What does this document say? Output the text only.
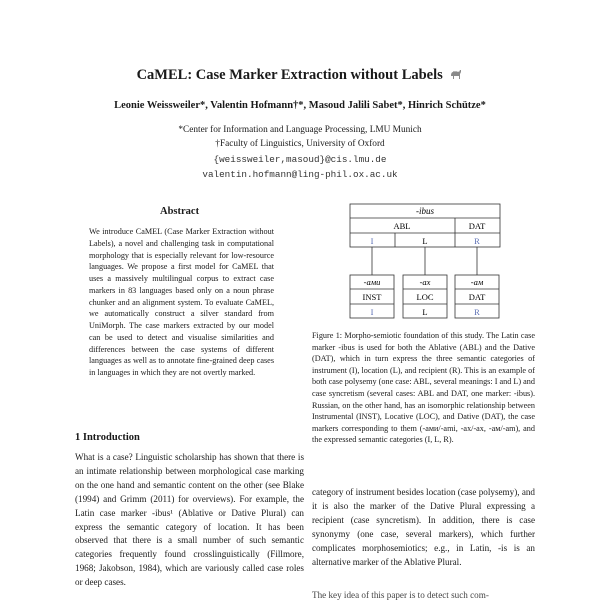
CaMEL: Case Marker Extraction without Labels
Leonie Weissweiler*, Valentin Hofmann†*, Masoud Jalili Sabet*, Hinrich Schütze*
*Center for Information and Language Processing, LMU Munich
†Faculty of Linguistics, University of Oxford
{weissweiler,masoud}@cis.lmu.de
valentin.hofmann@ling-phil.ox.ac.uk
Abstract
We introduce CaMEL (Case Marker Extraction without Labels), a novel and challenging task in computational morphology that is especially relevant for low-resource languages. We propose a first model for CaMEL that uses a massively multilingual corpus to extract case markers in 83 languages based only on a noun phrase chunker and an alignment system. To evaluate CaMEL, we automatically construct a silver standard from UniMorph. The case markers extracted by our model can be used to detect and visualise similarities and differences between the case systems of different languages as well as to annotate fine-grained deep cases in languages in which they are not overtly marked.
1 Introduction
What is a case? Linguistic scholarship has shown that there is an intimate relationship between morphological case marking on the one hand and semantic content on the other (see Blake (1994) and Grimm (2011) for overviews). For example, the Latin case marker -ibus¹ (Ablative or Dative Plural) can express the semantic category of location. It has been observed that there is a small number of such semantic categories frequently found crosslinguistically (Fillmore, 1968; Jakobson, 1984), which are variously called case roles or deep cases.
-ibus
ABL	DAT
I	L	R
-ами
INST
I
-ах
LOC
L
-ам
DAT
R
Figure 1: Morpho-semiotic foundation of this study. The Latin case marker -ibus is used for both the Ablative (ABL) and the Dative (DAT), which in turn express the three semantic categories of instrument (I), location (L), and recipient (R). This is an example of both case polysemy (one case: ABL, several meanings: I and L) and case syncretism (several cases: ABL and DAT, one marker: -ibus). Russian, on the other hand, has an isomorphic relationship between Instrumental (INST), Locative (LOC), and Dative (DAT), the case markers corresponding to them (-ами/-ami, -ах/-ax, -ам/-am), and the expressed semantic categories (I, L, R).
category of instrument besides location (case polysemy), and it is also the marker of the Dative Plural expressing a recipient (case syncretism). In addition, there is case synonymy (one case, several markers), which further complicates morphosemiotics; e.g., in Latin, -is is an alternative marker of the Ablative Plural.
The key idea of this paper is to detect such com-
